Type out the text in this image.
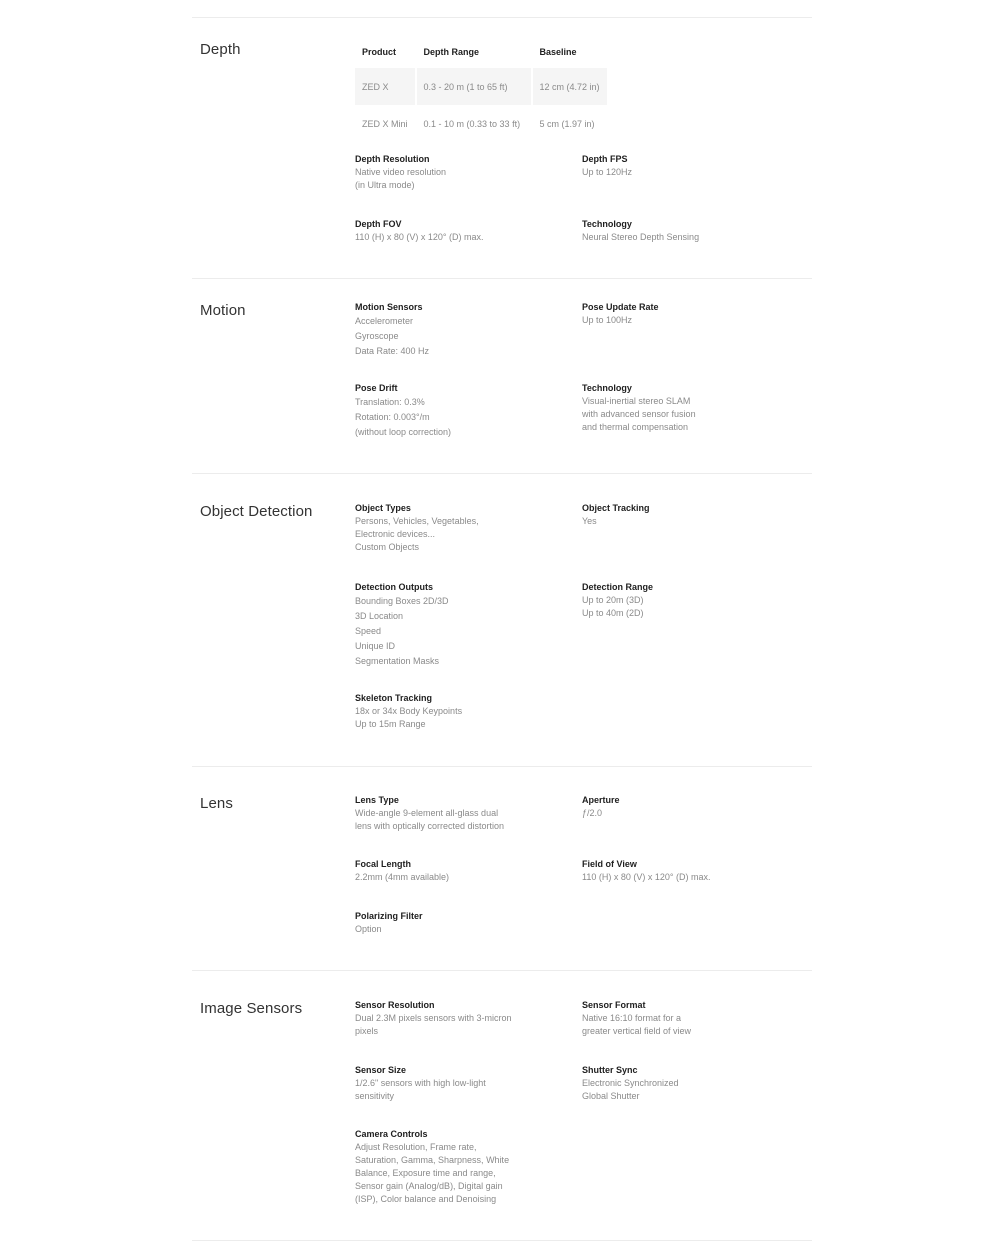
Depth	Product	Depth Range	Baseline
ZED X	0.3 - 20 m (1 to 65 ft)	12 cm (4.72 in)
ZED X Mini	0.1 - 10 m (0.33 to 33 ft)	5 cm (1.97 in)
Depth Resolution
Native video resolution
(in Ultra mode)
Depth FPS
Up to 120Hz
Depth FOV
110 (H) x 80 (V) x 120° (D) max.
Technology
Neural Stereo Depth Sensing
Motion	Motion Sensors
Accelerometer
Gyroscope
Data Rate: 400 Hz
Pose Update Rate
Up to 100Hz
Pose Drift
Translation: 0.3%
Rotation: 0.003°/m
(without loop correction)
Technology
Visual-inertial stereo SLAM
with advanced sensor fusion
and thermal compensation
Object Detection	Object Types
Persons, Vehicles, Vegetables,
Electronic devices...
Custom Objects
Object Tracking
Yes
Detection Outputs
Bounding Boxes 2D/3D
3D Location
Speed
Unique ID
Segmentation Masks
Detection Range
Up to 20m (3D)
Up to 40m (2D)
Skeleton Tracking
18x or 34x Body Keypoints
Up to 15m Range
Lens	Lens Type
Wide-angle 9-element all-glass dual
lens with optically corrected distortion
Aperture
ƒ/2.0
Focal Length
2.2mm (4mm available)
Field of View
110 (H) x 80 (V) x 120° (D) max.
Polarizing Filter
Option
Image Sensors	Sensor Resolution
Dual 2.3M pixels sensors with 3-micron
pixels
Sensor Format
Native 16:10 format for a
greater vertical field of view
Sensor Size
1/2.6" sensors with high low-light
sensitivity
Shutter Sync
Electronic Synchronized
Global Shutter
Camera Controls
Adjust Resolution, Frame rate,
Saturation, Gamma, Sharpness, White
Balance, Exposure time and range,
Sensor gain (Analog/dB), Digital gain
(ISP), Color balance and Denoising
